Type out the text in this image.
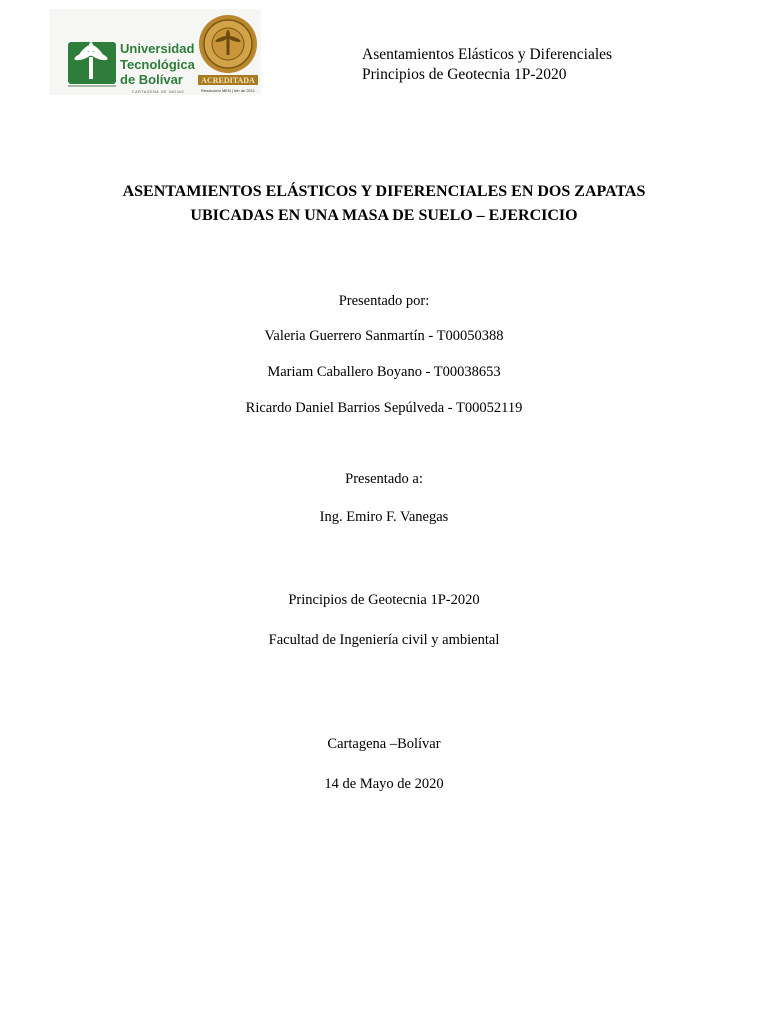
Universidad
Tecnológica
de Bolívar
CARTAGENA DE INDIAS
ACREDITADA
Resolución MEN | feb de 2011
Asentamientos Elásticos y Diferenciales
Principios de Geotecnia 1P-2020
ASENTAMIENTOS ELÁSTICOS Y DIFERENCIALES EN DOS ZAPATAS
UBICADAS EN UNA MASA DE SUELO – EJERCICIO
Presentado por:
Valeria Guerrero Sanmartín - T00050388
Mariam Caballero Boyano - T00038653
Ricardo Daniel Barrios Sepúlveda - T00052119
Presentado a:
Ing. Emiro F. Vanegas
Principios de Geotecnia 1P-2020
Facultad de Ingeniería civil y ambiental
Cartagena –Bolívar
14 de Mayo de 2020
